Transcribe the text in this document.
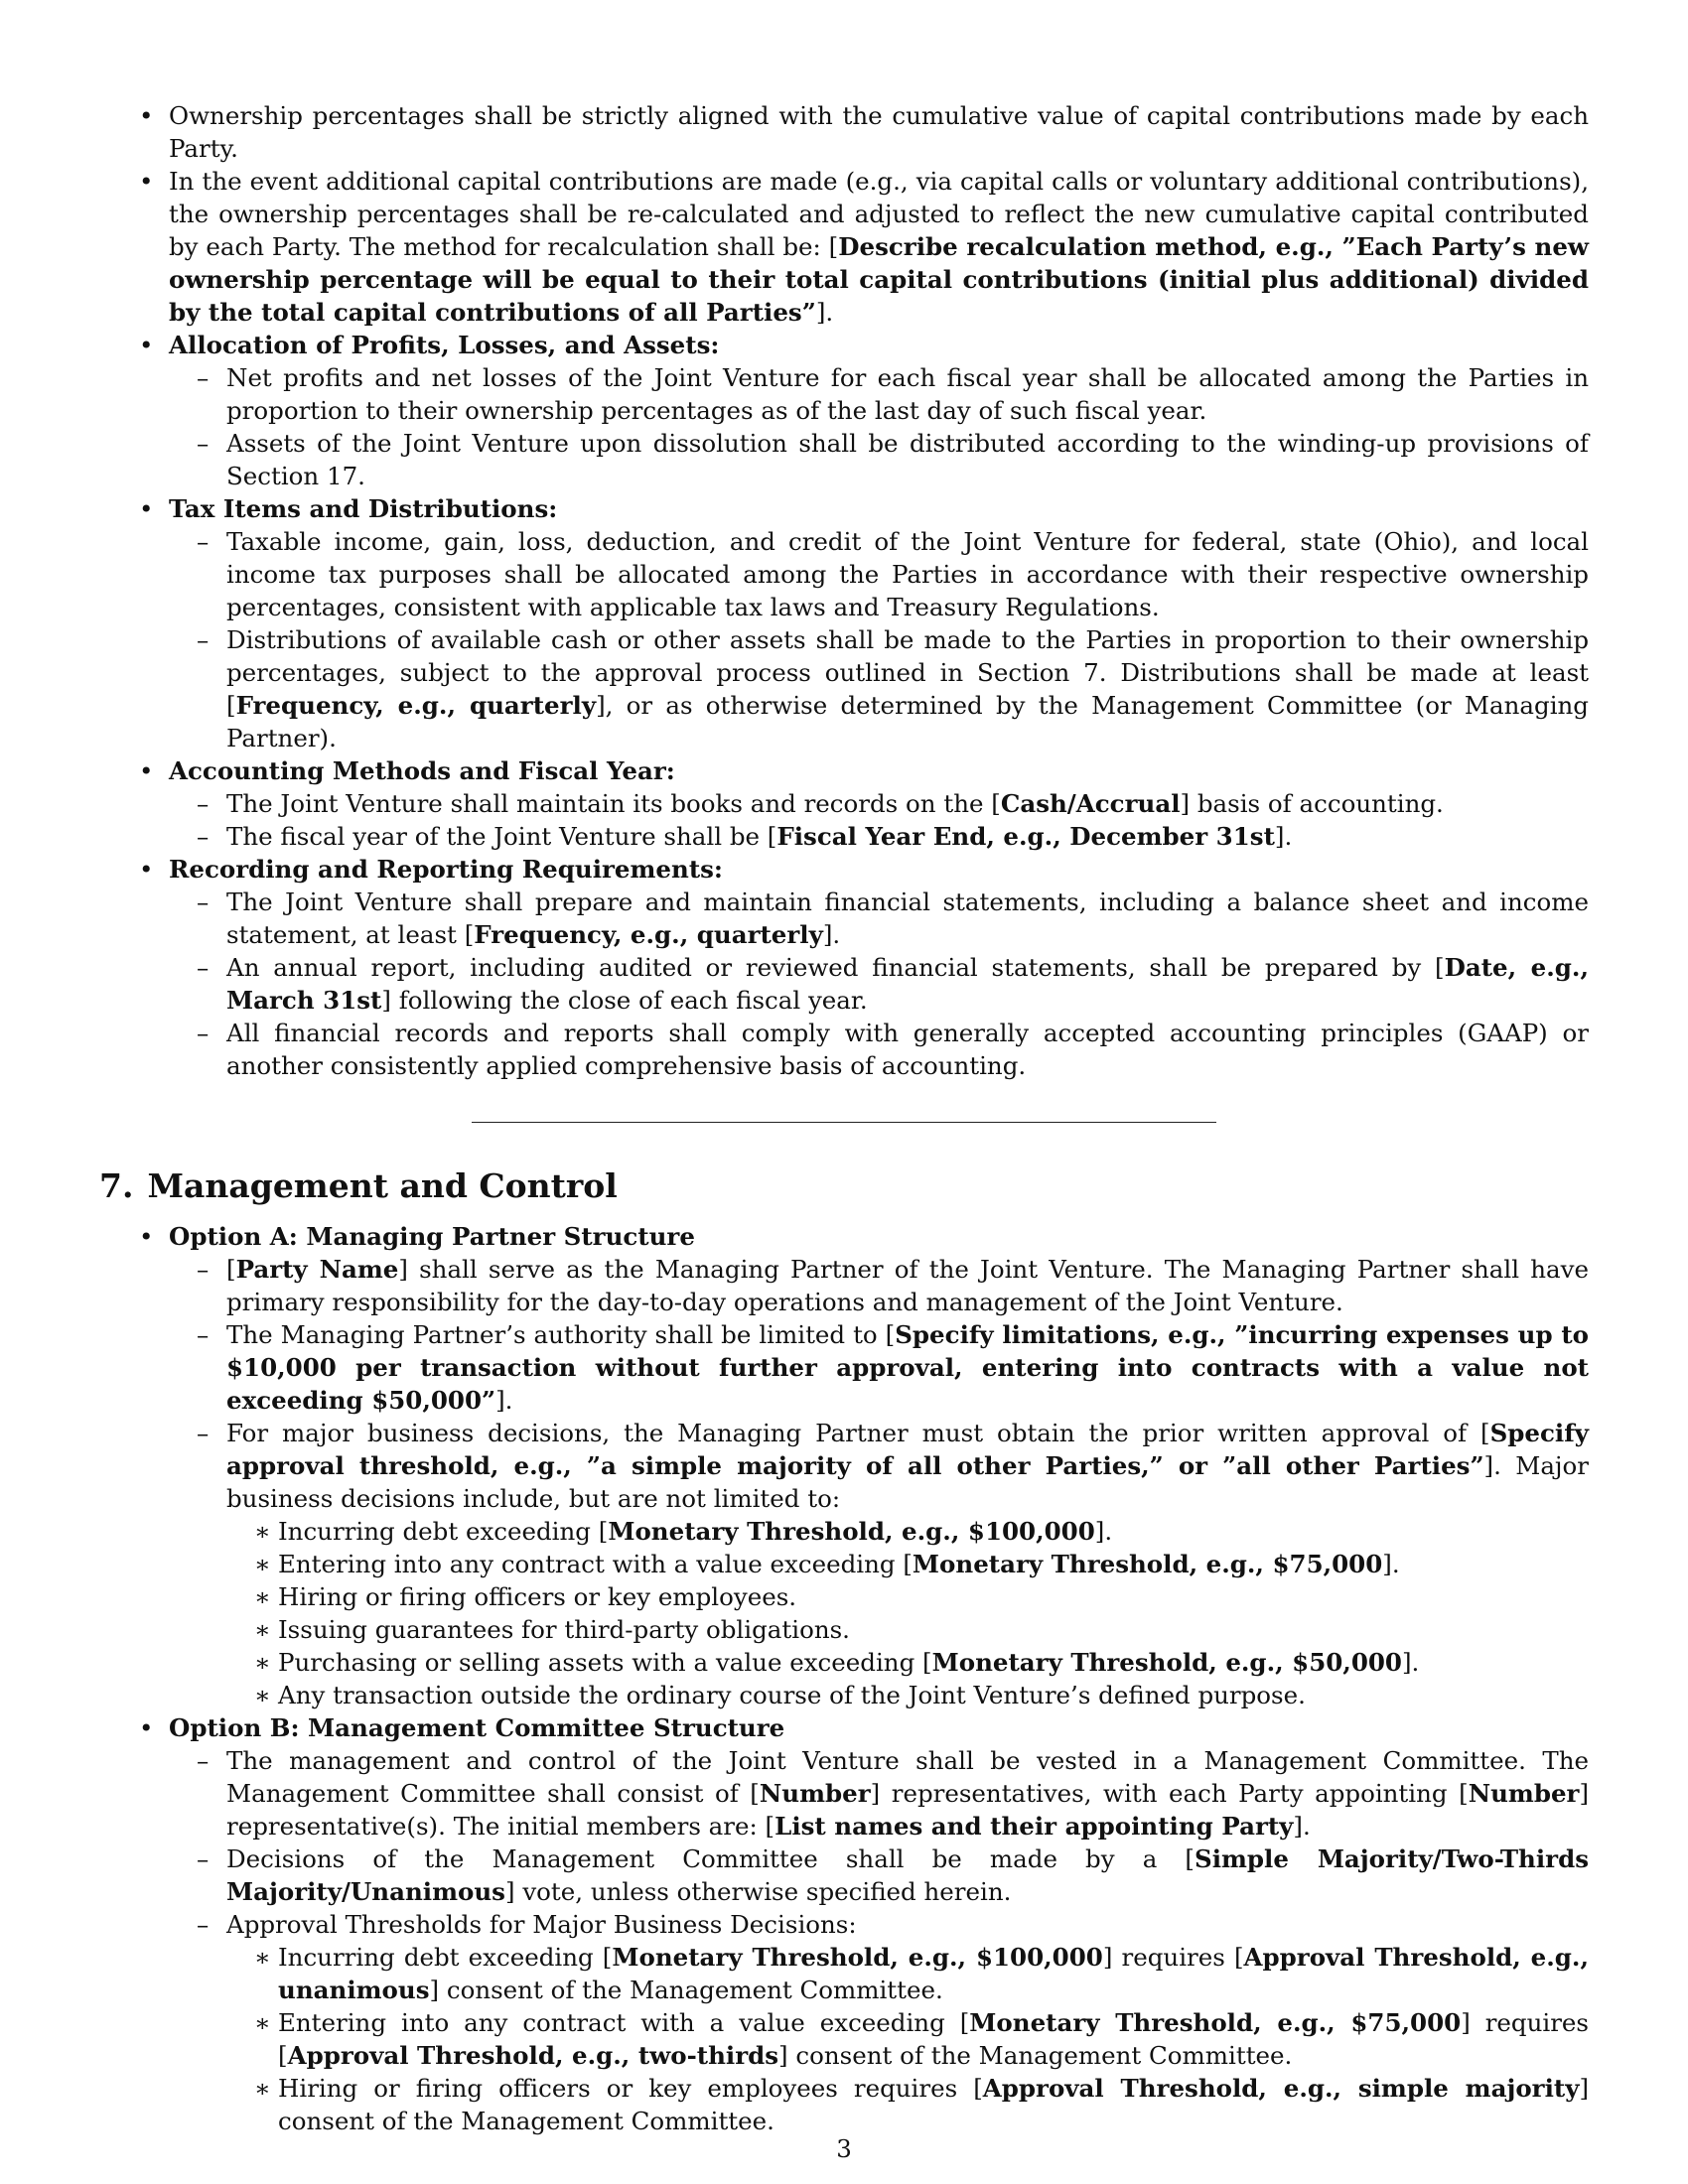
• Ownership percentages shall be strictly aligned with the cumulative value of capital contributions made by each Party.
• In the event additional capital contributions are made (e.g., via capital calls or voluntary additional contributions), the ownership percentages shall be re-calculated and adjusted to reflect the new cumulative capital contributed by each Party. The method for recalculation shall be: [Describe recalculation method, e.g., ”Each Party’s new ownership percentage will be equal to their total capital contributions (initial plus additional) divided by the total capital contributions of all Parties”].
• Allocation of Profits, Losses, and Assets:
– Net profits and net losses of the Joint Venture for each fiscal year shall be allocated among the Parties in proportion to their ownership percentages as of the last day of such fiscal year.
– Assets of the Joint Venture upon dissolution shall be distributed according to the winding-up provisions of Section 17.
• Tax Items and Distributions:
– Taxable income, gain, loss, deduction, and credit of the Joint Venture for federal, state (Ohio), and local income tax purposes shall be allocated among the Parties in accordance with their respective ownership percentages, consistent with applicable tax laws and Treasury Regulations.
– Distributions of available cash or other assets shall be made to the Parties in proportion to their ownership percentages, subject to the approval process outlined in Section 7. Distributions shall be made at least [Frequency, e.g., quarterly], or as otherwise determined by the Management Committee (or Managing Partner).
• Accounting Methods and Fiscal Year:
– The Joint Venture shall maintain its books and records on the [Cash/Accrual] basis of accounting.
– The fiscal year of the Joint Venture shall be [Fiscal Year End, e.g., December 31st].
• Recording and Reporting Requirements:
– The Joint Venture shall prepare and maintain financial statements, including a balance sheet and income statement, at least [Frequency, e.g., quarterly].
– An annual report, including audited or reviewed financial statements, shall be prepared by [Date, e.g., March 31st] following the close of each fiscal year.
– All financial records and reports shall comply with generally accepted accounting principles (GAAP) or another consistently applied comprehensive basis of accounting.
7. Management and Control
• Option A: Managing Partner Structure
– [Party Name] shall serve as the Managing Partner of the Joint Venture. The Managing Partner shall have primary responsibility for the day-to-day operations and management of the Joint Venture.
– The Managing Partner’s authority shall be limited to [Specify limitations, e.g., ”incurring expenses up to $10,000 per transaction without further approval, entering into contracts with a value not exceeding $50,000”].
– For major business decisions, the Managing Partner must obtain the prior written approval of [Specify approval threshold, e.g., ”a simple majority of all other Parties,” or ”all other Parties”]. Major business decisions include, but are not limited to:
∗ Incurring debt exceeding [Monetary Threshold, e.g., $100,000].
∗ Entering into any contract with a value exceeding [Monetary Threshold, e.g., $75,000].
∗ Hiring or firing officers or key employees.
∗ Issuing guarantees for third-party obligations.
∗ Purchasing or selling assets with a value exceeding [Monetary Threshold, e.g., $50,000].
∗ Any transaction outside the ordinary course of the Joint Venture’s defined purpose.
• Option B: Management Committee Structure
– The management and control of the Joint Venture shall be vested in a Management Committee. The Management Committee shall consist of [Number] representatives, with each Party appointing [Number] representative(s). The initial members are: [List names and their appointing Party].
– Decisions of the Management Committee shall be made by a [Simple Majority/Two-Thirds Majority/Unanimous] vote, unless otherwise specified herein.
– Approval Thresholds for Major Business Decisions:
∗ Incurring debt exceeding [Monetary Threshold, e.g., $100,000] requires [Approval Threshold, e.g., unanimous] consent of the Management Committee.
∗ Entering into any contract with a value exceeding [Monetary Threshold, e.g., $75,000] requires [Approval Threshold, e.g., two-thirds] consent of the Management Committee.
∗ Hiring or firing officers or key employees requires [Approval Threshold, e.g., simple majority] consent of the Management Committee.
3
